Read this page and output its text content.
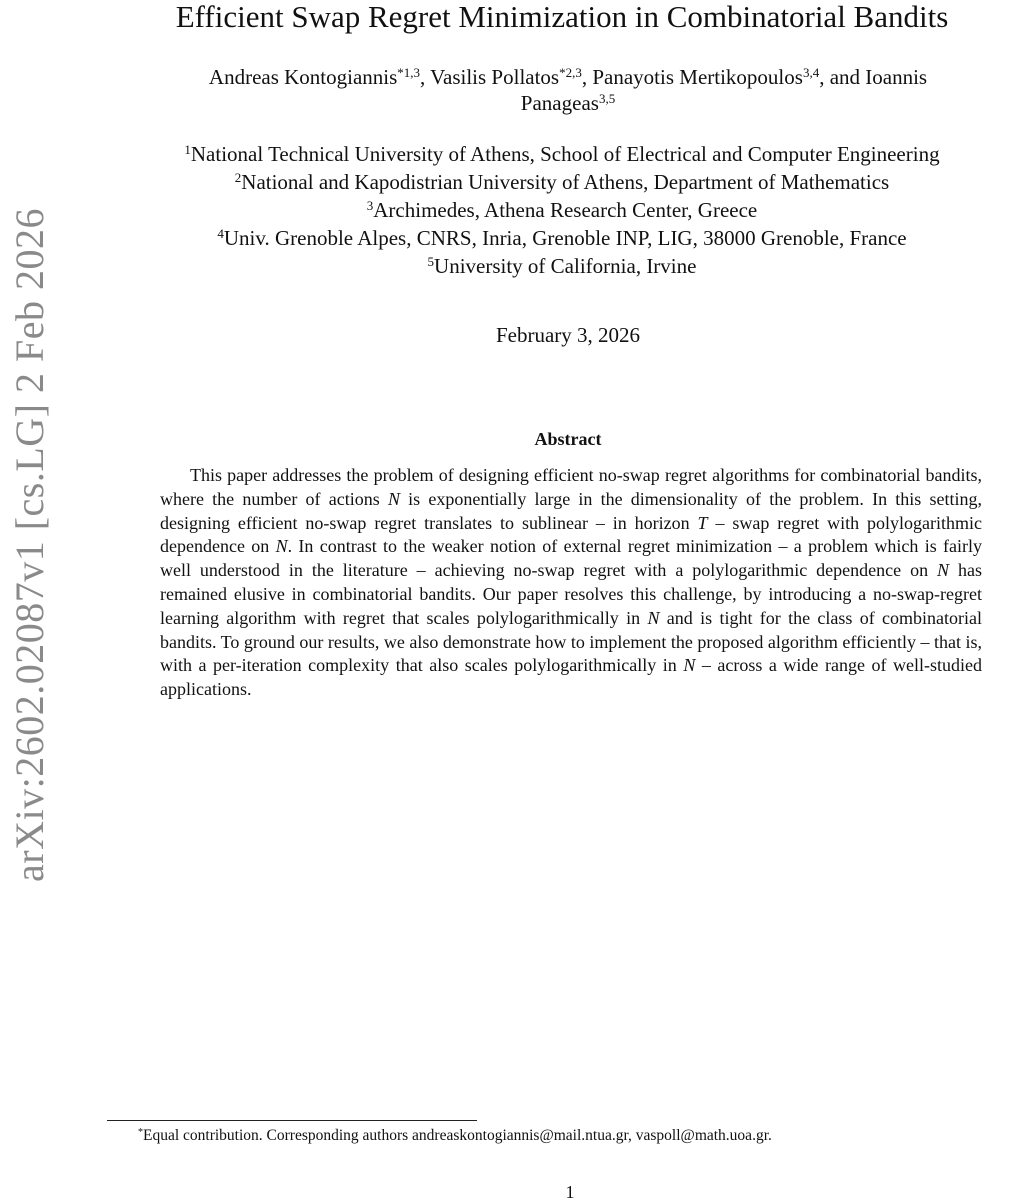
arXiv:2602.02087v1 [cs.LG] 2 Feb 2026
Efficient Swap Regret Minimization in Combinatorial Bandits
Andreas Kontogiannis$^{*1,3}$, Vasilis Pollatos$^{*2,3}$, Panayotis Mertikopoulos$^{3,4}$, and Ioannis
Panageas$^{3,5}$
$^1$National Technical University of Athens, School of Electrical and Computer Engineering
$^2$National and Kapodistrian University of Athens, Department of Mathematics
$^3$Archimedes, Athena Research Center, Greece
$^4$Univ. Grenoble Alpes, CNRS, Inria, Grenoble INP, LIG, 38000 Grenoble, France
$^5$University of California, Irvine
February 3, 2026
Abstract

This paper addresses the problem of designing efficient no-swap regret algorithms for combinatorial bandits, where the number of actions N is exponentially large in the dimensionality of the problem. In this setting, designing efficient no-swap regret translates to sublinear – in horizon T – swap regret with polylogarithmic dependence on N. In contrast to the weaker notion of external regret minimization – a problem which is fairly well understood in the literature – achieving no-swap regret with a polylogarithmic dependence on N has remained elusive in combinatorial bandits. Our paper resolves this challenge, by introducing a no-swap-regret learning algorithm with regret that scales polylogarithmically in N and is tight for the class of combinatorial bandits. To ground our results, we also demonstrate how to implement the proposed algorithm efficiently – that is, with a per-iteration complexity that also scales polylogarithmically in N – across a wide range of well-studied applications.

*Equal contribution. Corresponding authors andreaskontogiannis@mail.ntua.gr, vaspoll@math.uoa.gr.
1
